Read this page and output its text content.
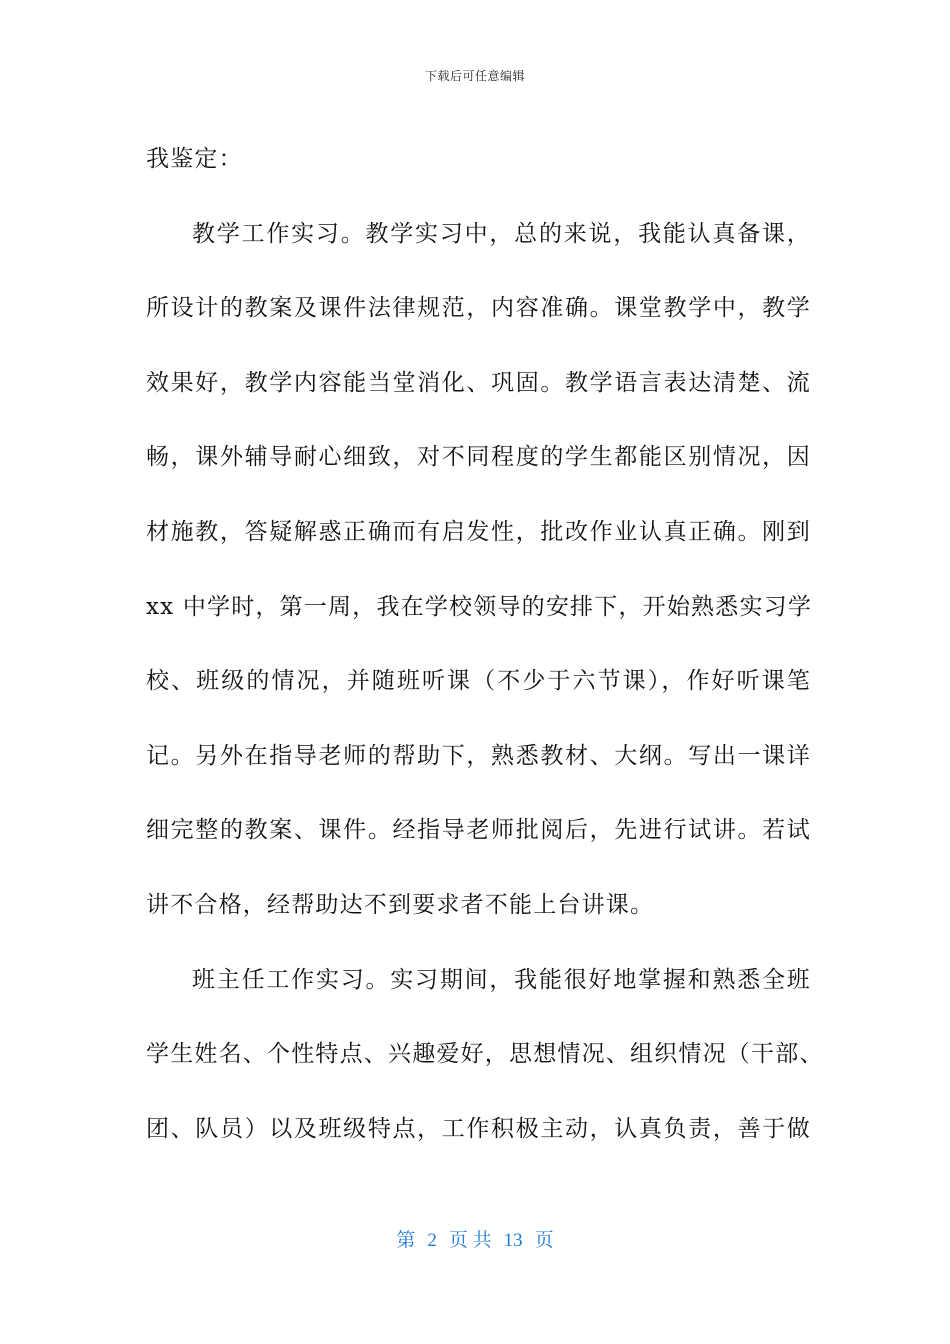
下载后可任意编辑
我鉴定：
教学工作实习。教学实习中，总的来说，我能认真备课，
所设计的教案及课件法律规范，内容准确。课堂教学中，教学
效果好，教学内容能当堂消化、巩固。教学语言表达清楚、流
畅，课外辅导耐心细致，对不同程度的学生都能区别情况，因
材施教，答疑解惑正确而有启发性，批改作业认真正确。刚到
xx 中学时，第一周，我在学校领导的安排下，开始熟悉实习学
校、班级的情况，并随班听课（不少于六节课），作好听课笔
记。另外在指导老师的帮助下，熟悉教材、大纲。写出一课详
细完整的教案、课件。经指导老师批阅后，先进行试讲。若试
讲不合格，经帮助达不到要求者不能上台讲课。
班主任工作实习。实习期间，我能很好地掌握和熟悉全班
学生姓名、个性特点、兴趣爱好，思想情况、组织情况（干部、
团、队员）以及班级特点，工作积极主动，认真负责，善于做
第 2 页 共 13 页
